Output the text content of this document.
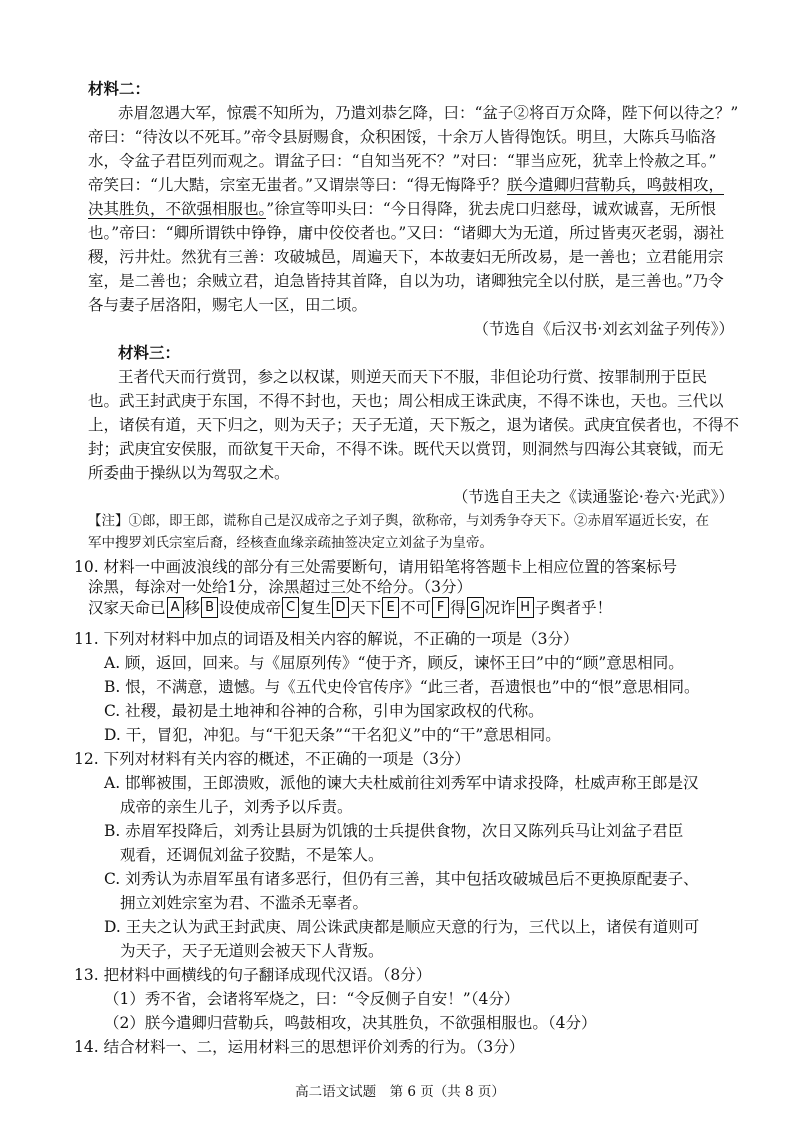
材料二：
赤眉忽遇大军，惊震不知所为，乃遣刘恭乞降，曰：“盆子②将百万众降，陛下何以待之？”
帝曰：“待汝以不死耳。”帝令县厨赐食，众积困馁，十余万人皆得饱饫。明旦，大陈兵马临洛
水，令盆子君臣列而观之。谓盆子曰：“自知当死不？”对曰：“罪当应死，犹幸上怜赦之耳。”
帝笑曰：“儿大黠，宗室无蚩者。”又谓崇等曰：“得无悔降乎？朕今遣卿归营勒兵，鸣鼓相攻，
决其胜负，不欲强相服也。”徐宣等叩头曰：“今日得降，犹去虎口归慈母，诚欢诚喜，无所恨
也。”帝曰：“卿所谓铁中铮铮，庸中佼佼者也。”又曰：“诸卿大为无道，所过皆夷灭老弱，溺社
稷，污井灶。然犹有三善：攻破城邑，周遍天下，本故妻妇无所改易，是一善也；立君能用宗
室，是二善也；余贼立君，迫急皆持其首降，自以为功，诸卿独完全以付朕，是三善也。”乃令
各与妻子居洛阳，赐宅人一区，田二顷。
（节选自《后汉书·刘玄刘盆子列传》）
材料三：
王者代天而行赏罚，参之以权谋，则逆天而天下不服，非但论功行赏、按罪制刑于臣民
也。武王封武庚于东国，不得不封也，天也；周公相成王诛武庚，不得不诛也，天也。三代以
上，诸侯有道，天下归之，则为天子；天子无道，天下叛之，退为诸侯。武庚宜侯者也，不得不
封；武庚宜安侯服，而欲复干天命，不得不诛。既代天以赏罚，则洞然与四海公其衰钺，而无
所委曲于操纵以为驾驭之术。
（节选自王夫之《读通鉴论·卷六·光武》）
【注】①郎，即王郎，谎称自己是汉成帝之子刘子舆，欲称帝，与刘秀争夺天下。②赤眉军逼近长安，在
军中搜罗刘氏宗室后裔，经核查血缘亲疏抽签决定立刘盆子为皇帝。
10. 材料一中画波浪线的部分有三处需要断句，请用铅笔将答题卡上相应位置的答案标号
涂黑，每涂对一处给1分，涂黑超过三处不给分。（3分）
汉家天命已 A 移 B 设使成帝 C 复生 D 天下 E 不可 F 得 G 况诈 H 子舆者乎！
11. 下列对材料中加点的词语及相关内容的解说，不正确的一项是（3分）
A. 顾，返回，回来。与《屈原列传》“使于齐，顾反，谏怀王曰”中的“顾”意思相同。
B. 恨，不满意，遗憾。与《五代史伶官传序》“此三者，吾遗恨也”中的“恨”意思相同。
C. 社稷，最初是土地神和谷神的合称，引申为国家政权的代称。
D. 干，冒犯，冲犯。与“干犯天条”“干名犯义”中的“干”意思相同。
12. 下列对材料有关内容的概述，不正确的一项是（3分）
A. 邯郸被围，王郎溃败，派他的谏大夫杜威前往刘秀军中请求投降，杜威声称王郎是汉
成帝的亲生儿子，刘秀予以斥责。
B. 赤眉军投降后，刘秀让县厨为饥饿的士兵提供食物，次日又陈列兵马让刘盆子君臣
观看，还调侃刘盆子狡黠，不是笨人。
C. 刘秀认为赤眉军虽有诸多恶行，但仍有三善，其中包括攻破城邑后不更换原配妻子、
拥立刘姓宗室为君、不滥杀无辜者。
D. 王夫之认为武王封武庚、周公诛武庚都是顺应天意的行为，三代以上，诸侯有道则可
为天子，天子无道则会被天下人背叛。
13. 把材料中画横线的句子翻译成现代汉语。（8分）
（1）秀不省，会诸将军烧之，曰：“令反侧子自安！”（4分）
（2）朕今遣卿归营勒兵，鸣鼓相攻，决其胜负，不欲强相服也。（4分）
14. 结合材料一、二，运用材料三的思想评价刘秀的行为。（3分）
高二语文试题　第 6 页（共 8 页）
